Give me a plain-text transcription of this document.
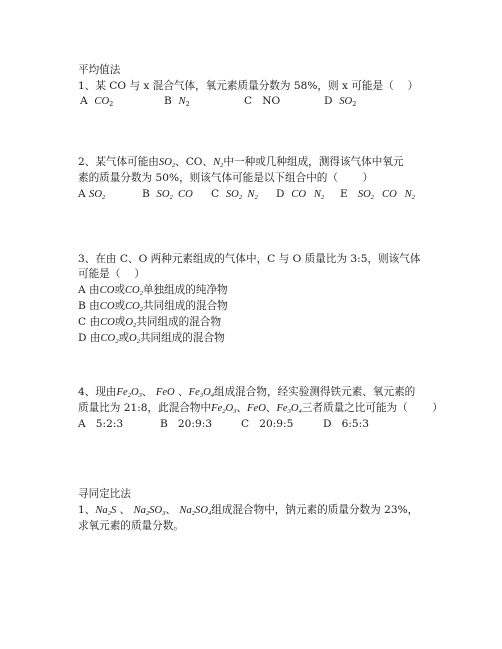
平均值法
1、某 CO 与 x 混合气体，氧元素质量分数为 58%，则 x 可能是（　 ）
A $CO_2$	B $N_2$	C NO	D $SO_2$
2、某气体可能由$SO_2$、CO、$N_2$中一种或几种组成，测得该气体中氧元
素的质量分数为 50%，则该气体可能是以下组合中的（　　 ）
A $SO_2$	B $SO_2$ CO C $SO_2$  $N_2$ D CO   $N_2$ E $SO_2$ CO   $N_2$
3、在由 C、O 两种元素组成的气体中，C 与 O 质量比为 3:5，则该气体
可能是（　 ）
A 由CO或$CO_2$单独组成的纯净物
B 由CO或$CO_2$共同组成的混合物
C 由CO或$O_2$共同组成的混合物
D 由$CO_2$或$O_2$共同组成的混合物
4、现由$Fe_2O_3$、 FeO 、$Fe_3O_4$组成混合物，经实验测得铁元素、氧元素的
质量比为 21:8，此混合物中$Fe_2O_3$、FeO、$Fe_3O_4$三者质量之比可能为（　　 ）
A 5:2:3	B 20:9:3	C 20:9:5	D 6:5:3
寻同定比法
1、$Na_2S$ 、 $Na_2SO_3$、 $Na_2SO_4$组成混合物中，钠元素的质量分数为 23%，
求氧元素的质量分数。
